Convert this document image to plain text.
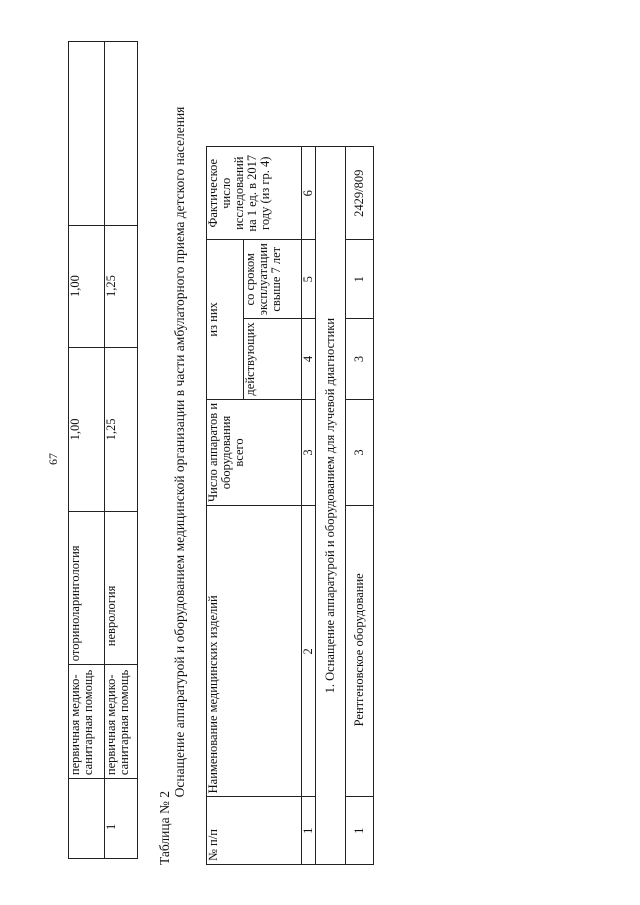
67
	первичная медико-санитарная помощь	оториноларингология	1,00	1,00	
1	первичная медико-санитарная помощь	неврология	1,25	1,25	
Таблица № 2
Оснащение аппаратурой и оборудованием медицинской организации в части амбулаторного приема детского населения
№ п/п	Наименование медицинских изделий	Число аппаратов и оборудования всего	из них		Фактическое число исследований на 1 ед. в 2017 году (из гр. 4)
			действующих	со сроком эксплуатации свыше 7 лет	
1	2	3	4	5	6
1. Оснащение аппаратурой и оборудованием для лучевой диагностики					
1	Рентгеновское оборудование	3	3	1	2429/809
